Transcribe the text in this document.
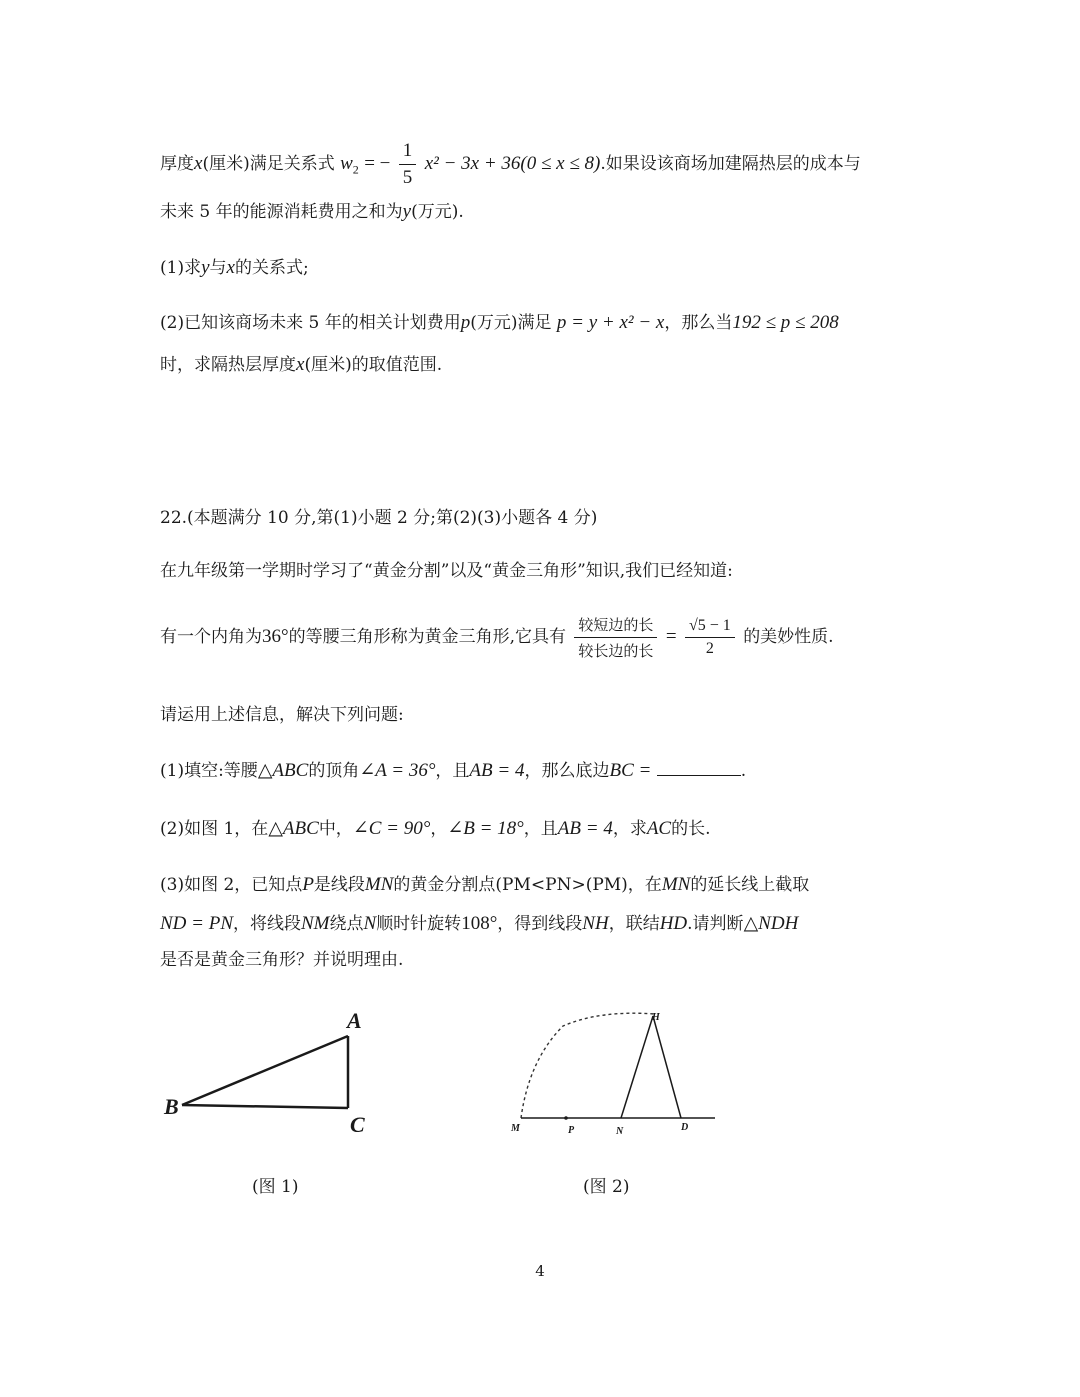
厚度x(厘米)满足关系式 $w_2$ = − $\frac{1}{5} x^2 - 3x + 36(0 \le x \le 8)$.如果设该商场加建隔热层的成本与
未来 5 年的能源消耗费用之和为y(万元).
(1)求y与x的关系式;
(2)已知该商场未来 5 年的相关计划费用p(万元)满足 p = y + x² − x，那么当192 ≤ p ≤ 208
时，求隔热层厚度x(厘米)的取值范围.
22.(本题满分 10 分,第(1)小题 2 分;第(2)(3)小题各 4 分)
在九年级第一学期时学习了“黄金分割”以及“黄金三角形”知识,我们已经知道:
有一个内角为36°的等腰三角形称为黄金三角形,它具有 $\frac{\text{较短边的长}}{\text{较长边的长}} = \frac{√5 - 1}{2}$ 的美妙性质.
请运用上述信息，解决下列问题:
(1)填空:等腰△ABC的顶角∠A = 36°，且AB = 4，那么底边BC =	.
(2)如图 1，在△ABC中，∠C = 90°，∠B = 18°，且AB = 4，求AC的长.
(3)如图 2，已知点P是线段MN的黄金分割点(PM<PN>(PM)，在MN的延长线上截取
ND = PN，将线段NM绕点N顺时针旋转108°，得到线段NH，联结HD.请判断△NDH
是否是黄金三角形？并说明理由.
A
B
C
(图 1)
H
M	P	N	D
(图 2)
4
